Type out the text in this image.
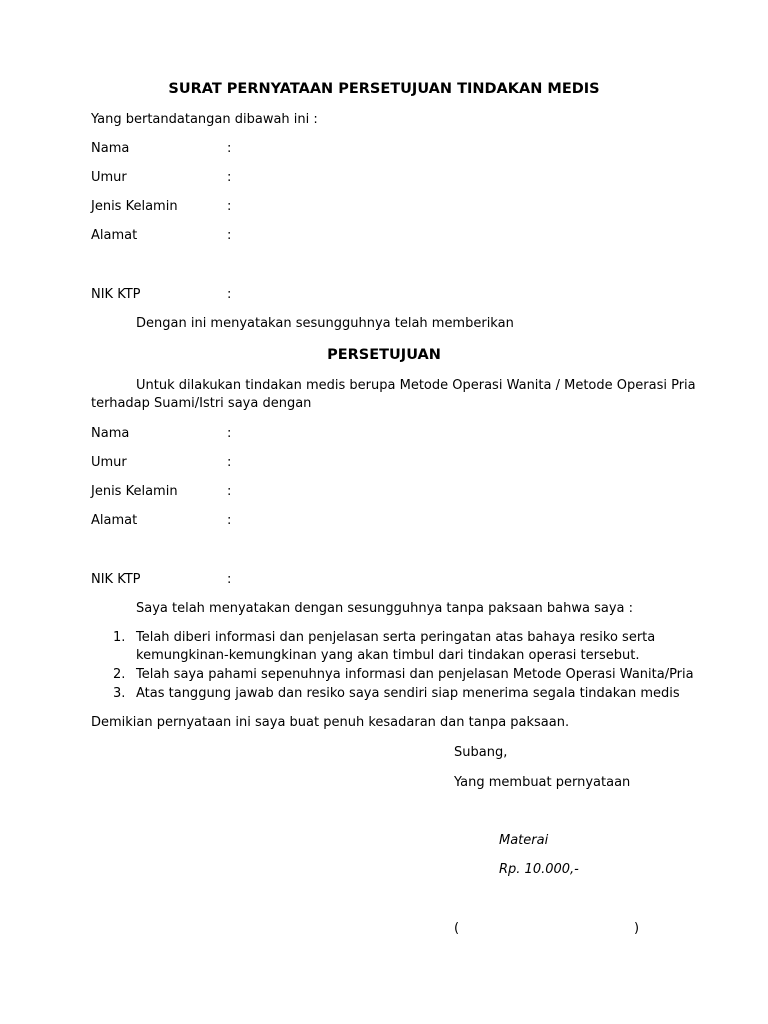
SURAT PERNYATAAN PERSETUJUAN TINDAKAN MEDIS
Yang bertandatangan dibawah ini :
Nama	:
Umur	:
Jenis Kelamin	:
Alamat	:
NIK KTP	:
Dengan ini menyatakan sesungguhnya telah memberikan
PERSETUJUAN
Untuk dilakukan tindakan medis berupa Metode Operasi Wanita / Metode Operasi Pria
terhadap Suami/Istri saya dengan
Nama	:
Umur	:
Jenis Kelamin	:
Alamat	:
NIK KTP	:
Saya telah menyatakan dengan sesungguhnya tanpa paksaan bahwa saya :
1. Telah diberi informasi dan penjelasan serta peringatan atas bahaya resiko serta
kemungkinan-kemungkinan yang akan timbul dari tindakan operasi tersebut.
2. Telah saya pahami sepenuhnya informasi dan penjelasan Metode Operasi Wanita/Pria
3. Atas tanggung jawab dan resiko saya sendiri siap menerima segala tindakan medis
Demikian pernyataan ini saya buat penuh kesadaran dan tanpa paksaan.
Subang,
Yang membuat pernyataan
Materai
Rp. 10.000,-
(	)
